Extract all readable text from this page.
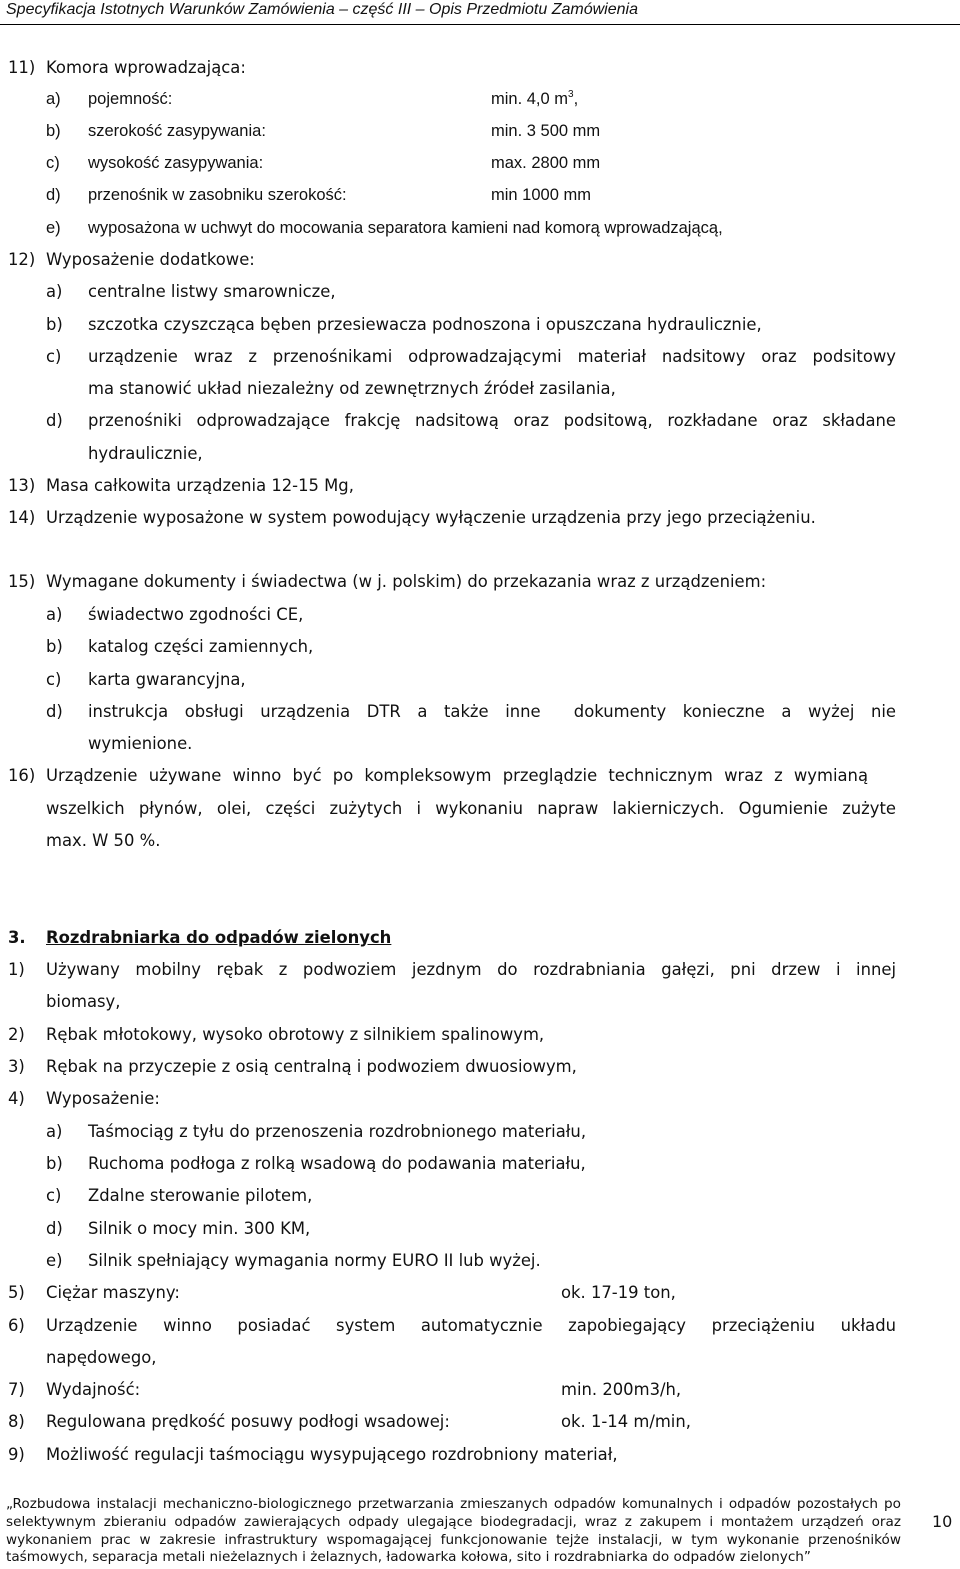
Specyfikacja Istotnych Warunków Zamówienia – część III – Opis Przedmiotu Zamówienia
11) Komora wprowadzająca:
a) pojemność:	min. 4,0 $m^3$,
b) szerokość zasypywania:	min. 3 500 mm
c) wysokość zasypywania:	max. 2800 mm
d) przenośnik w zasobniku szerokość:	min 1000 mm
e) wyposażona w uchwyt do mocowania separatora kamieni nad komorą wprowadzającą,
12) Wyposażenie dodatkowe:
a) centralne listwy smarownicze,
b) szczotka czyszcząca bęben przesiewacza podnoszona i opuszczana hydraulicznie,
c) urządzenie wraz z przenośnikami odprowadzającymi materiał nadsitowy oraz podsitowy
ma stanowić układ niezależny od zewnętrznych źródeł zasilania,
d) przenośniki odprowadzające frakcję nadsitową oraz podsitową, rozkładane oraz składane
hydraulicznie,
13) Masa całkowita urządzenia 12-15 Mg,
14) Urządzenie wyposażone w system powodujący wyłączenie urządzenia przy jego przeciążeniu.
15) Wymagane dokumenty i świadectwa (w j. polskim) do przekazania wraz z urządzeniem:
a) świadectwo zgodności CE,
b) katalog części zamiennych,
c) karta gwarancyjna,
d) instrukcja obsługi urządzenia DTR a także inne  dokumenty konieczne a wyżej nie
wymienione.
16) Urządzenie używane winno być po kompleksowym przeglądzie technicznym wraz z wymianą
wszelkich płynów, olei, części zużytych i wykonaniu napraw lakierniczych. Ogumienie zużyte
max. W 50 %.
3. Rozdrabniarka do odpadów zielonych
1) Używany mobilny rębak z podwoziem jezdnym do rozdrabniania gałęzi, pni drzew i innej
biomasy,
2) Rębak młotokowy, wysoko obrotowy z silnikiem spalinowym,
3) Rębak na przyczepie z osią centralną i podwoziem dwuosiowym,
4) Wyposażenie:
a) Taśmociąg z tyłu do przenoszenia rozdrobnionego materiału,
b) Ruchoma podłoga z rolką wsadową do podawania materiału,
c) Zdalne sterowanie pilotem,
d) Silnik o mocy min. 300 KM,
e) Silnik spełniający wymagania normy EURO II lub wyżej.
5) Ciężar maszyny:	ok. 17-19 ton,
6) Urządzenie winno posiadać system automatycznie zapobiegający przeciążeniu układu
napędowego,
7) Wydajność:	min. 200m3/h,
8) Regulowana prędkość posuwy podłogi wsadowej:	ok. 1-14 m/min,
9) Możliwość regulacji taśmociągu wysypującego rozdrobniony materiał,
„Rozbudowa instalacji mechaniczno-biologicznego przetwarzania zmieszanych odpadów komunalnych i odpadów pozostałych po
selektywnym zbieraniu odpadów zawierających odpady ulegające biodegradacji, wraz z zakupem i montażem urządzeń oraz
wykonaniem prac w zakresie infrastruktury wspomagającej funkcjonowanie tejże instalacji, w tym wykonanie przenośników
taśmowych, separacja metali nieżelaznych i żelaznych, ładowarka kołowa, sito i rozdrabniarka do odpadów zielonych”
10
